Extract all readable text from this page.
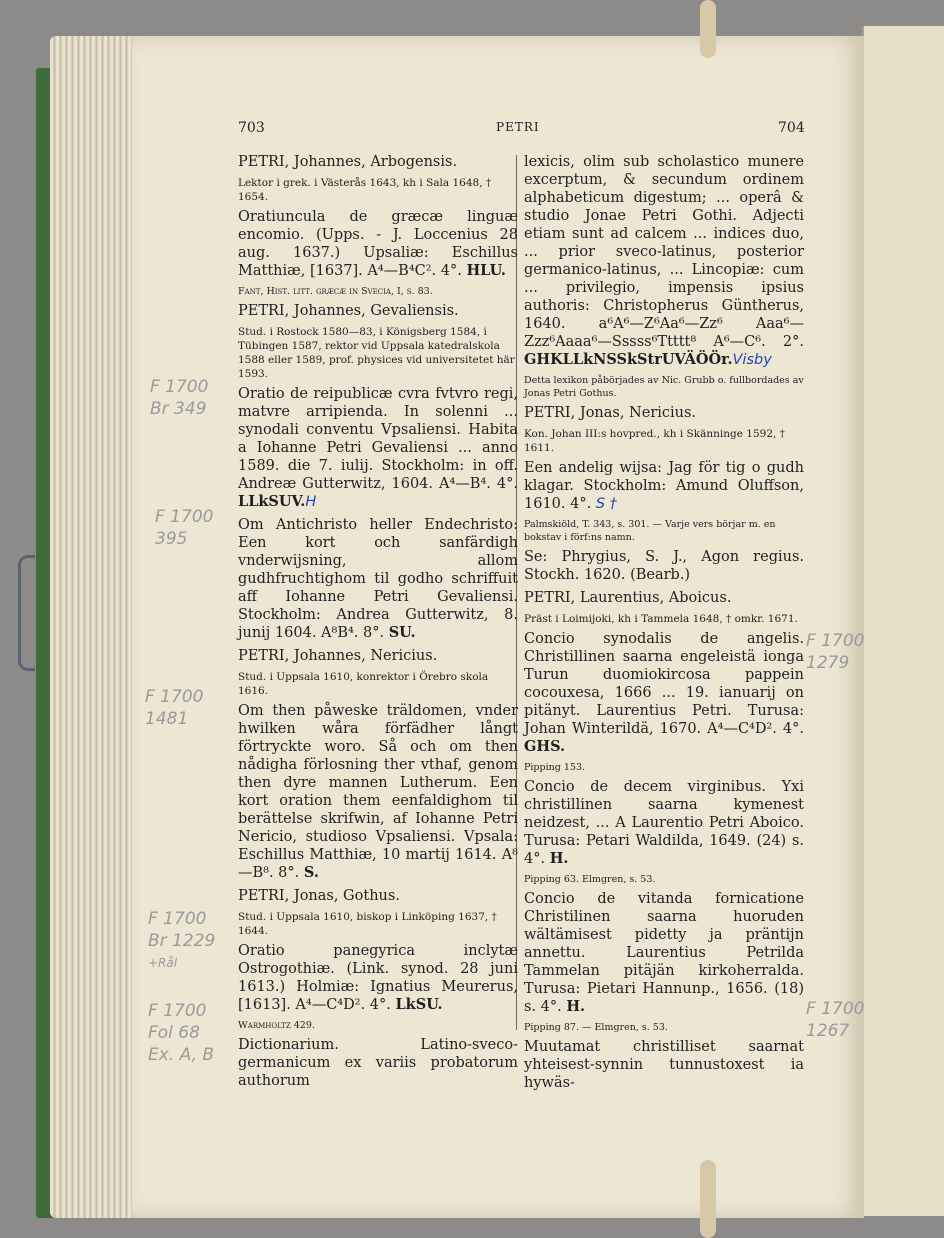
703	PETRI	704
PETRI, Johannes, Arbogensis.
Lektor i grek. i Västerås 1643, kh i Sala 1648, † 1654.
Oratiuncula de græcæ linguæ encomio. (Upps. - J. Loccenius 28 aug. 1637.) Upsaliæ: Eschillus Matthiæ, [1637]. A⁴—B⁴C². 4°. HLU.
Fant, Hist. litt. græcæ in Svecia, I, s. 83.
PETRI, Johannes, Gevaliensis.
Stud. i Rostock 1580—83, i Königsberg 1584, i Tübingen 1587, rektor vid Uppsala katedralskola 1588 eller 1589, prof. physices vid universitetet här 1593.
Oratio de reipublicæ cvra fvtvro regi, matvre arripienda. In solenni ... synodali conventu Vpsaliensi. Habita a Iohanne Petri Gevaliensi ... anno 1589. die 7. iulij. Stockholm: in off. Andreæ Gutterwitz, 1604. A⁴—B⁴. 4°. LLkSUV.H
Om Antichristo heller Endechristo: Een kort och sanfärdigh vnderwijsning, allom gudhfruchtighom til godho schriffuit aff Iohanne Petri Gevaliensi. Stockholm: Andrea Gutterwitz, 8. junij 1604. A⁸B⁴. 8°. SU.
PETRI, Johannes, Nericius.
Stud. i Uppsala 1610, konrektor i Örebro skola 1616.
Om then påweske träldomen, vnder hwilken wåra förfädher långt förtryckte woro. Så och om then nådigha förlosning ther vthaf, genom then dyre mannen Lutherum. Een kort oration them eenfaldighom til berättelse skrifwin, af Iohanne Petri Nericio, studioso Vpsaliensi. Vpsala: Eschillus Matthiæ, 10 martij 1614. A⁸—B⁸. 8°. S.
PETRI, Jonas, Gothus.
Stud. i Uppsala 1610, biskop i Linköping 1637, † 1644.
Oratio panegyrica inclytæ Ostrogothiæ. (Link. synod. 28 juni 1613.) Holmiæ: Ignatius Meurerus, [1613]. A⁴—C⁴D². 4°. LkSU.
Warmholtz 429.
Dictionarium. Latino-sveco-germanicum ex variis probatorum authorum
lexicis, olim sub scholastico munere excerptum, & secundum ordinem alphabeticum digestum; ... operâ & studio Jonae Petri Gothi. Adjecti etiam sunt ad calcem ... indices duo, ... prior sveco-latinus, posterior germanico-latinus, ... Lincopiæ: cum ... privilegio, impensis ipsius authoris: Christopherus Güntherus, 1640. a⁶A⁶—Z⁶Aa⁶—Zz⁶ Aaa⁶—Zzz⁶Aaaa⁶—Sssss⁶Ttttt⁸ A⁶—C⁶. 2°. GHKLLkNSSkStrUVÄÖÖr.Visby
Detta lexikon påbörjades av Nic. Grubb o. fullbordades av Jonas Petri Gothus.
PETRI, Jonas, Nericius.
Kon. Johan III:s hovpred., kh i Skänninge 1592, † 1611.
Een andelig wijsa: Jag för tig o gudh klagar. Stockholm: Amund Oluffson, 1610. 4°. S †
Palmskiöld, T. 343, s. 301. — Varje vers börjar m. en bokstav i förf:ns namn.
Se: Phrygius, S. J., Agon regius. Stockh. 1620. (Bearb.)
PETRI, Laurentius, Aboicus.
Präst i Loimijoki, kh i Tammela 1648, † omkr. 1671.
Concio synodalis de angelis. Christillinen saarna engeleistä ionga Turun duomiokircosa pappein cocouxesa, 1666 ... 19. ianuarij on pitänyt. Laurentius Petri. Turusa: Johan Winterildä, 1670. A⁴—C⁴D². 4°. GHS.
Pipping 153.
Concio de decem virginibus. Yxi christillinen saarna kymenest neidzest, ... A Laurentio Petri Aboico. Turusa: Petari Waldilda, 1649. (24) s. 4°. H.
Pipping 63. Elmgren, s. 53.
Concio de vitanda fornicatione Christilinen saarna huoruden wältämisest pidetty ja präntijn annettu. Laurentius Petrilda Tammelan pitäjän kirkoherralda. Turusa: Pietari Hannunp., 1656. (18) s. 4°. H.
Pipping 87. — Elmgren, s. 53.
Muutamat christilliset saarnat yhteisest-synnin tunnustoxest ia hywäs-
F 1700
Br 349
F 1700
395
F 1700
1481
F 1700
Br 1229
+Rål
F 1700
Fol 68
Ex. A, B
F 1700
1279
F 1700
1267
